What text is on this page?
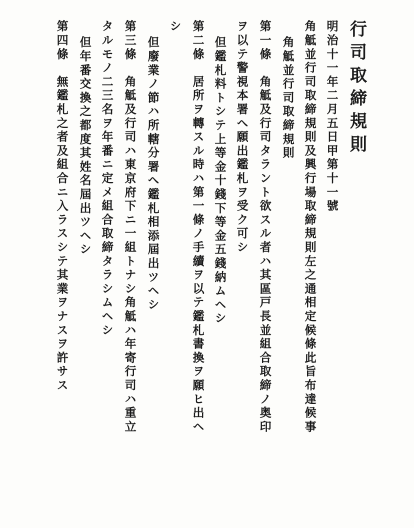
行司取締規則
明治十一年二月五日甲第十一號
角觝並行司取締規則及興行場取締規則左之通相定候條此旨布達候事
角觝並行司取締規則
第一條　角觝及行司タラント欲スル者ハ其區戸長並組合取締ノ奥印
ヲ以テ警視本署へ願出鑑札ヲ受ク可シ
但鑑札料トシテ上等金十錢下等金五錢納ムヘシ
第二條　居所ヲ轉スル時ハ第一條ノ手續ヲ以テ鑑札書換ヲ願ヒ出ヘ
シ
但廢業ノ節ハ所轄分署へ鑑札相添屆出ツヘシ
第三條　角觝及行司ハ東京府下ニ一組トナシ角觝ハ年寄行司ハ重立
タルモノ二三名ヲ年番ニ定メ組合取締タラシムヘシ
但年番交換之都度其姓名屆出ツヘシ
第四條　無鑑札之者及組合ニ入ラスシテ其業ヲナスヲ許サス
